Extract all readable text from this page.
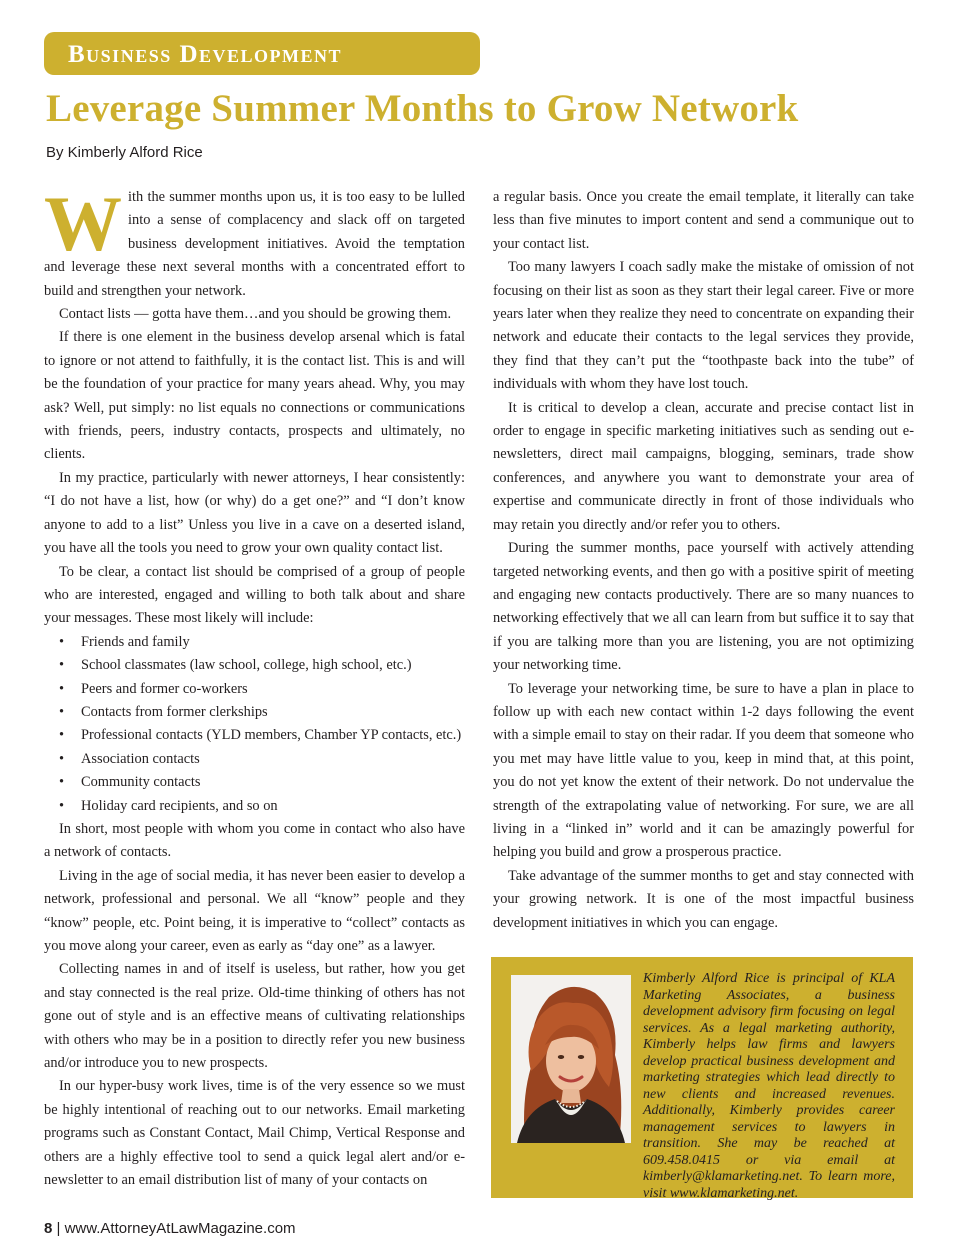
Business Development
Leverage Summer Months to Grow Network
By Kimberly Alford Rice

With the summer months upon us, it is too easy to be lulled into a sense of complacency and slack off on targeted business development initiatives. Avoid the temptation and leverage these next several months with a concentrated effort to build and strengthen your network.

Contact lists — gotta have them…and you should be growing them.

If there is one element in the business develop arsenal which is fatal to ignore or not attend to faithfully, it is the contact list. This is and will be the foundation of your practice for many years ahead. Why, you may ask? Well, put simply: no list equals no connections or communications with friends, peers, industry contacts, prospects and ultimately, no clients.

In my practice, particularly with newer attorneys, I hear consistently: “I do not have a list, how (or why) do a get one?” and “I don’t know anyone to add to a list” Unless you live in a cave on a deserted island, you have all the tools you need to grow your own quality contact list.

To be clear, a contact list should be comprised of a group of people who are interested, engaged and willing to both talk about and share your messages. These most likely will include:

• Friends and family
• School classmates (law school, college, high school, etc.)
• Peers and former co-workers
• Contacts from former clerkships
• Professional contacts (YLD members, Chamber YP contacts, etc.)
• Association contacts
• Community contacts
• Holiday card recipients, and so on

In short, most people with whom you come in contact who also have a network of contacts.

Living in the age of social media, it has never been easier to develop a network, professional and personal. We all “know” people and they “know” people, etc. Point being, it is imperative to “collect” contacts as you move along your career, even as early as “day one” as a lawyer.

Collecting names in and of itself is useless, but rather, how you get and stay connected is the real prize. Old-time thinking of others has not gone out of style and is an effective means of cultivating relationships with others who may be in a position to directly refer you new business and/or introduce you to new prospects.

In our hyper-busy work lives, time is of the very essence so we must be highly intentional of reaching out to our networks. Email marketing programs such as Constant Contact, Mail Chimp, Vertical Response and others are a highly effective tool to send a quick legal alert and/or e-newsletter to an email distribution list of many of your contacts on

a regular basis. Once you create the email template, it literally can take less than five minutes to import content and send a communique out to your contact list.

Too many lawyers I coach sadly make the mistake of omission of not focusing on their list as soon as they start their legal career. Five or more years later when they realize they need to concentrate on expanding their network and educate their contacts to the legal services they provide, they find that they can’t put the “toothpaste back into the tube” of individuals with whom they have lost touch.

It is critical to develop a clean, accurate and precise contact list in order to engage in specific marketing initiatives such as sending out e-newsletters, direct mail campaigns, blogging, seminars, trade show conferences, and anywhere you want to demonstrate your area of expertise and communicate directly in front of those individuals who may retain you directly and/or refer you to others.

During the summer months, pace yourself with actively attending targeted networking events, and then go with a positive spirit of meeting and engaging new contacts productively. There are so many nuances to networking effectively that we all can learn from but suffice it to say that if you are talking more than you are listening, you are not optimizing your networking time.

To leverage your networking time, be sure to have a plan in place to follow up with each new contact within 1-2 days following the event with a simple email to stay on their radar. If you deem that someone who you met may have little value to you, keep in mind that, at this point, you do not yet know the extent of their network. Do not undervalue the strength of the extrapolating value of networking. For sure, we are all living in a “linked in” world and it can be amazingly powerful for helping you build and grow a prosperous practice.

Take advantage of the summer months to get and stay connected with your growing network. It is one of the most impactful business development initiatives in which you can engage.

Kimberly Alford Rice is principal of KLA Marketing Associates, a business development advisory firm focusing on legal services. As a legal marketing authority, Kimberly helps law firms and lawyers develop practical business development and marketing strategies which lead directly to new clients and increased revenues. Additionally, Kimberly provides career management services to lawyers in transition. She may be reached at 609.458.0415 or via email at kimberly@klamarketing.net. To learn more, visit www.klamarketing.net.
8 | www.AttorneyAtLawMagazine.com
